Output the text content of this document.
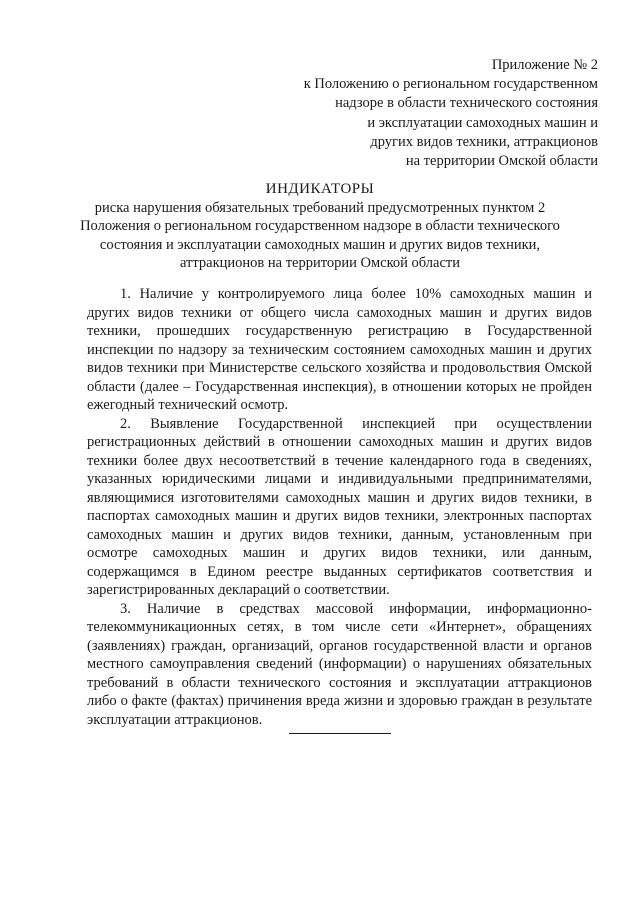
Приложение № 2
к Положению о региональном государственном
надзоре в области технического состояния
и эксплуатации самоходных машин и
других видов техники, аттракционов
на территории Омской области
ИНДИКАТОРЫ
риска нарушения обязательных требований предусмотренных пунктом 2
Положения о региональном государственном надзоре в области технического
состояния и эксплуатации самоходных машин и других видов техники,
аттракционов на территории Омской области

1. Наличие у контролируемого лица более 10% самоходных машин и других видов техники от общего числа самоходных машин и других видов техники, прошедших государственную регистрацию в Государственной инспекции по надзору за техническим состоянием самоходных машин и других видов техники при Министерстве сельского хозяйства и продовольствия Омской области (далее – Государственная инспекция), в отношении которых не пройден ежегодный технический осмотр.

2. Выявление Государственной инспекцией при осуществлении регистрационных действий в отношении самоходных машин и других видов техники более двух несоответствий в течение календарного года в сведениях, указанных юридическими лицами и индивидуальными предпринимателями, являющимися изготовителями самоходных машин и других видов техники, в паспортах самоходных машин и других видов техники, электронных паспортах самоходных машин и других видов техники, данным, установленным при осмотре самоходных машин и других видов техники, или данным, содержащимся в Едином реестре выданных сертификатов соответствия и зарегистрированных деклараций о соответствии.

3. Наличие в средствах массовой информации, информационно-телекоммуникационных сетях, в том числе сети «Интернет», обращениях (заявлениях) граждан, организаций, органов государственной власти и органов местного самоуправления сведений (информации) о нарушениях обязательных требований в области технического состояния и эксплуатации аттракционов либо о факте (фактах) причинения вреда жизни и здоровью граждан в результате эксплуатации аттракционов.
